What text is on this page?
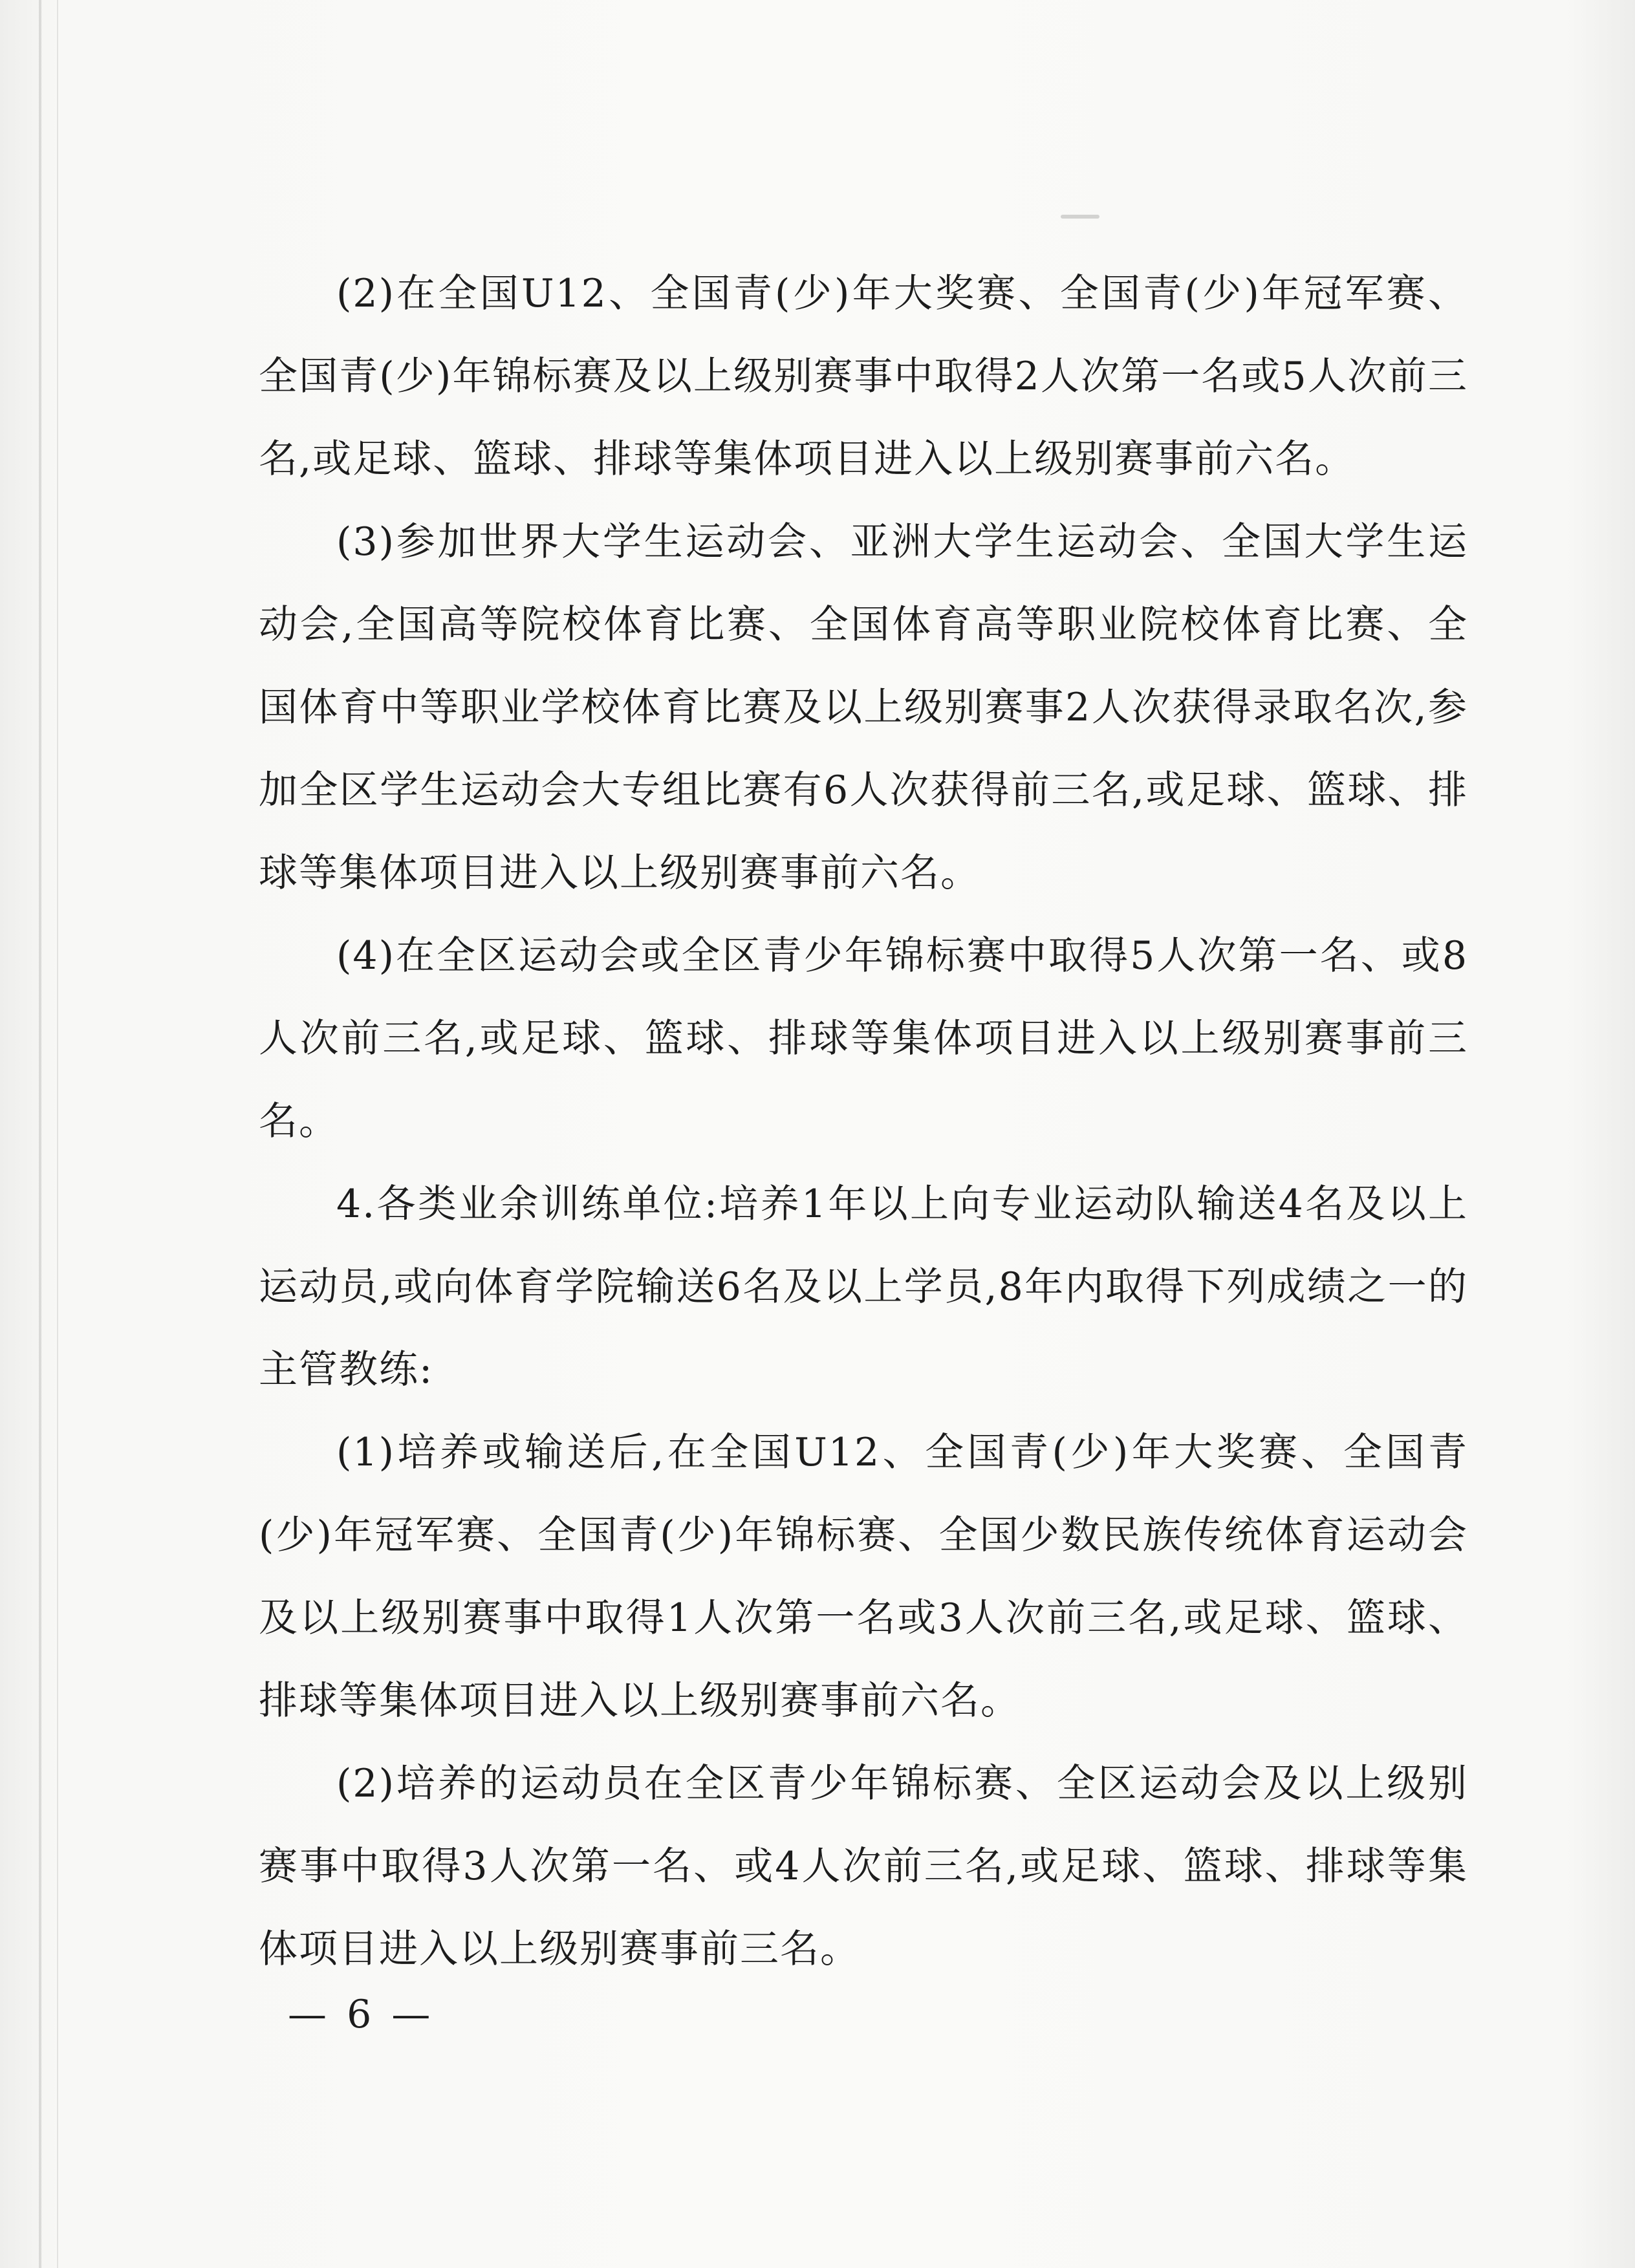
(2)在全国U12、全国青(少)年大奖赛、全国青(少)年冠军赛、全国青(少)年锦标赛及以上级别赛事中取得2人次第一名或5人次前三名,或足球、篮球、排球等集体项目进入以上级别赛事前六名。

(3)参加世界大学生运动会、亚洲大学生运动会、全国大学生运动会,全国高等院校体育比赛、全国体育高等职业院校体育比赛、全国体育中等职业学校体育比赛及以上级别赛事2人次获得录取名次,参加全区学生运动会大专组比赛有6人次获得前三名,或足球、篮球、排球等集体项目进入以上级别赛事前六名。

(4)在全区运动会或全区青少年锦标赛中取得5人次第一名、或8人次前三名,或足球、篮球、排球等集体项目进入以上级别赛事前三名。

4.各类业余训练单位:培养1年以上向专业运动队输送4名及以上运动员,或向体育学院输送6名及以上学员,8年内取得下列成绩之一的主管教练:

(1)培养或输送后,在全国U12、全国青(少)年大奖赛、全国青(少)年冠军赛、全国青(少)年锦标赛、全国少数民族传统体育运动会及以上级别赛事中取得1人次第一名或3人次前三名,或足球、篮球、排球等集体项目进入以上级别赛事前六名。

(2)培养的运动员在全区青少年锦标赛、全区运动会及以上级别赛事中取得3人次第一名、或4人次前三名,或足球、篮球、排球等集体项目进入以上级别赛事前三名。

— 6 —
